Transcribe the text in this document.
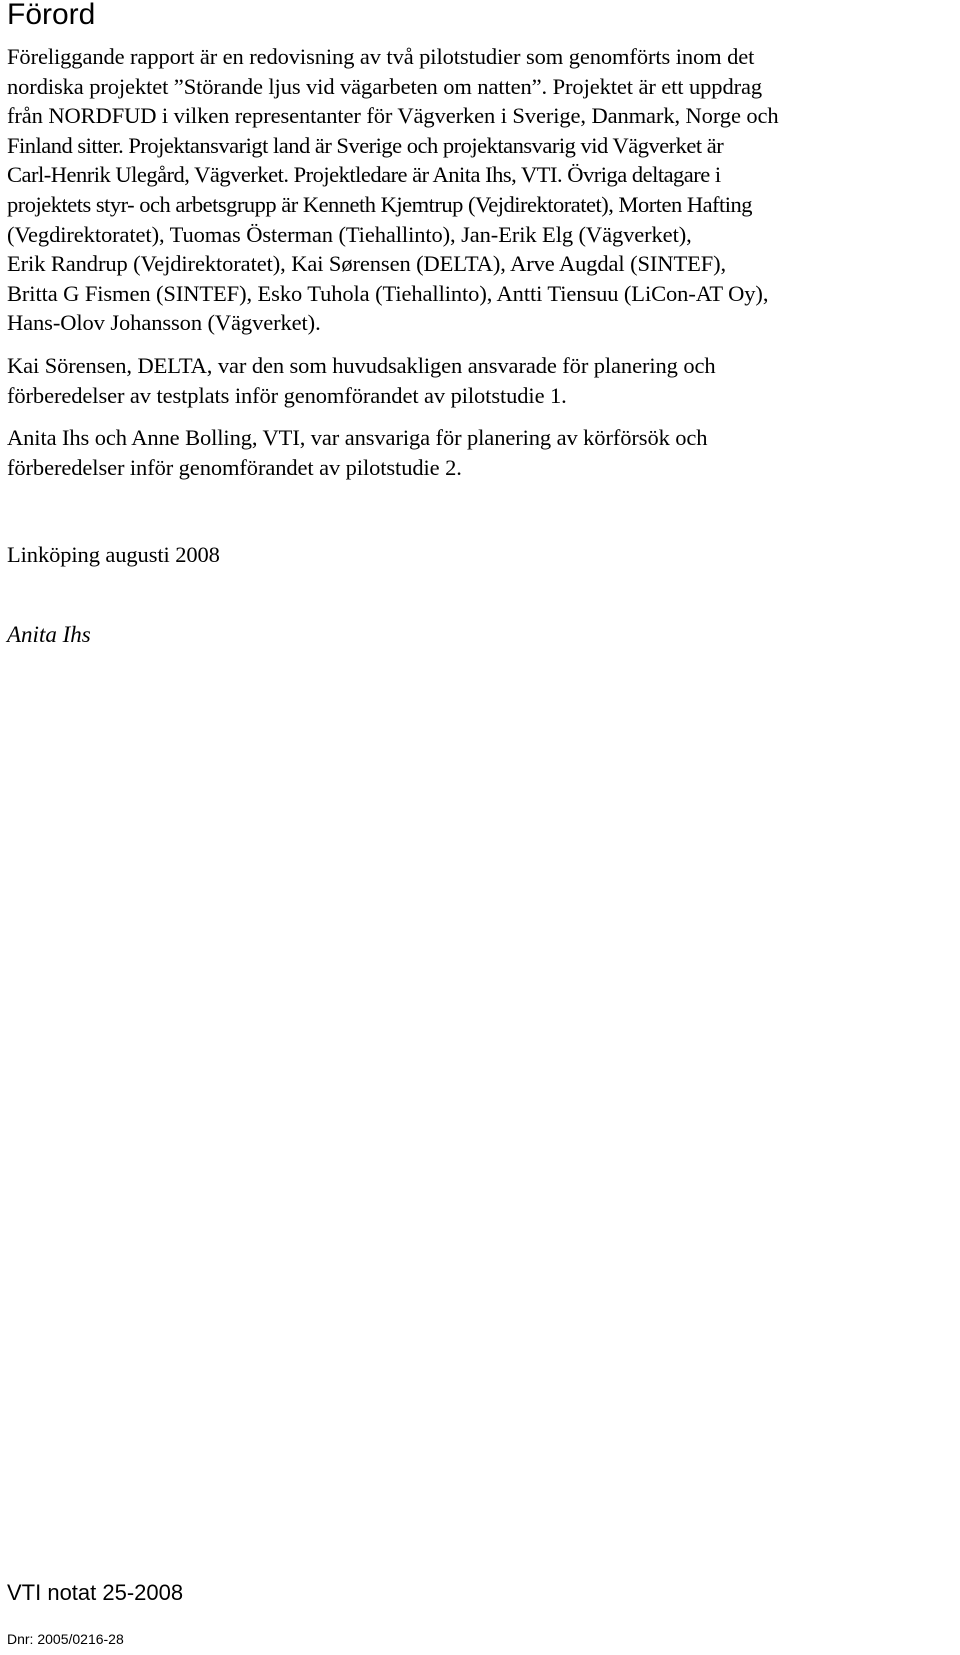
Förord

Föreliggande rapport är en redovisning av två pilotstudier som genomförts inom det
nordiska projektet ”Störande ljus vid vägarbeten om natten”. Projektet är ett uppdrag
från NORDFUD i vilken representanter för Vägverken i Sverige, Danmark, Norge och
Finland sitter. Projektansvarigt land är Sverige och projektansvarig vid Vägverket är
Carl-Henrik Ulegård, Vägverket. Projektledare är Anita Ihs, VTI. Övriga deltagare i
projektets styr- och arbetsgrupp är Kenneth Kjemtrup (Vejdirektoratet), Morten Hafting
(Vegdirektoratet), Tuomas Österman (Tiehallinto), Jan-Erik Elg (Vägverket),
Erik Randrup (Vejdirektoratet), Kai Sørensen (DELTA), Arve Augdal (SINTEF),
Britta G Fismen (SINTEF), Esko Tuhola (Tiehallinto), Antti Tiensuu (LiCon-AT Oy),
Hans-Olov Johansson (Vägverket).

Kai Sörensen, DELTA, var den som huvudsakligen ansvarade för planering och
förberedelser av testplats inför genomförandet av pilotstudie 1.

Anita Ihs och Anne Bolling, VTI, var ansvariga för planering av körförsök och
förberedelser inför genomförandet av pilotstudie 2.

Linköping augusti 2008

Anita Ihs

VTI notat 25-2008

Dnr: 2005/0216-28
